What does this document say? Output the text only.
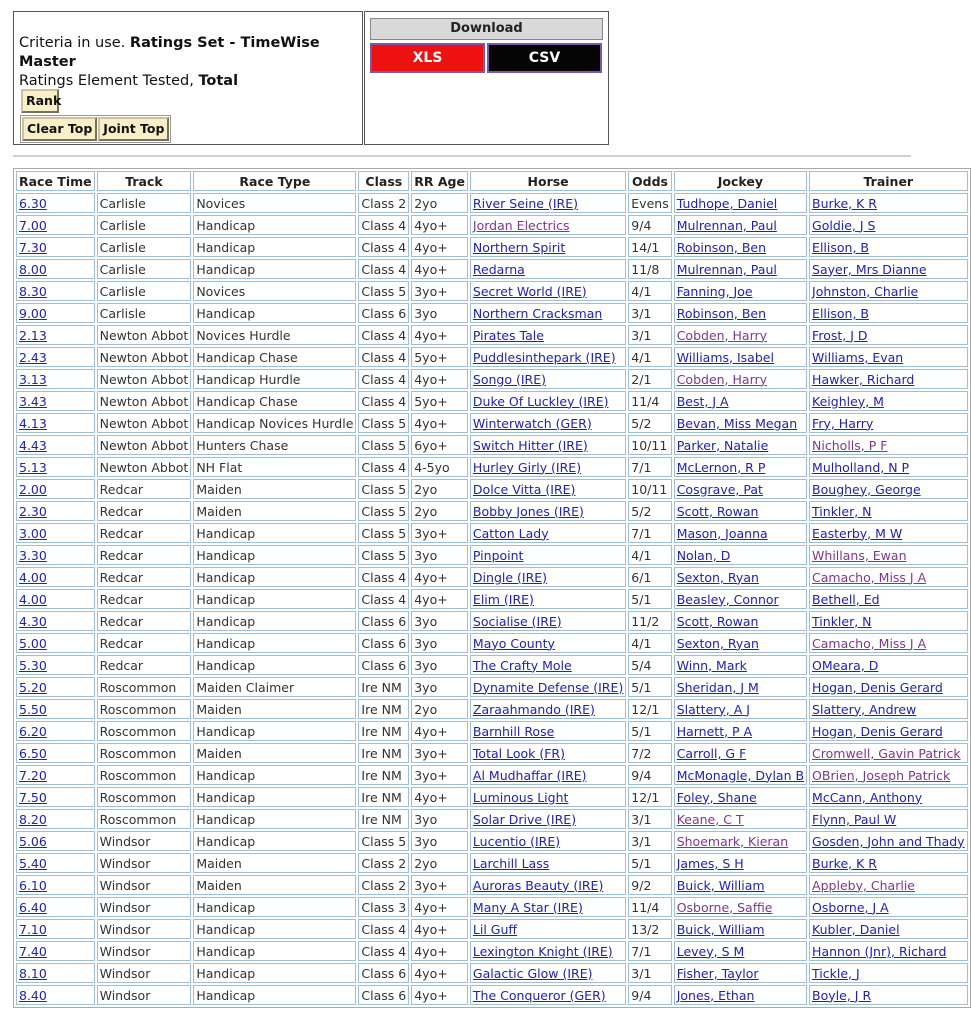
Criteria in use. Ratings Set - TimeWise Master
Ratings Element Tested, Total
Rank
Clear Top Joint Top
Download
XLS	CSV
Race Time	Track	Race Type	Class	RR Age	Horse	Odds	Jockey	Trainer
6.30	Carlisle	Novices	Class 2	2yo	River Seine (IRE)	Evens	Tudhope, Daniel	Burke, K R
7.00	Carlisle	Handicap	Class 4	4yo+	Jordan Electrics	9/4	Mulrennan, Paul	Goldie, J S
7.30	Carlisle	Handicap	Class 4	4yo+	Northern Spirit	14/1	Robinson, Ben	Ellison, B
8.00	Carlisle	Handicap	Class 4	4yo+	Redarna	11/8	Mulrennan, Paul	Sayer, Mrs Dianne
8.30	Carlisle	Novices	Class 5	3yo+	Secret World (IRE)	4/1	Fanning, Joe	Johnston, Charlie
9.00	Carlisle	Handicap	Class 6	3yo	Northern Cracksman	3/1	Robinson, Ben	Ellison, B
2.13	Newton Abbot	Novices Hurdle	Class 4	4yo+	Pirates Tale	3/1	Cobden, Harry	Frost, J D
2.43	Newton Abbot	Handicap Chase	Class 4	5yo+	Puddlesinthepark (IRE)	4/1	Williams, Isabel	Williams, Evan
3.13	Newton Abbot	Handicap Hurdle	Class 4	4yo+	Songo (IRE)	2/1	Cobden, Harry	Hawker, Richard
3.43	Newton Abbot	Handicap Chase	Class 4	5yo+	Duke Of Luckley (IRE)	11/4	Best, J A	Keighley, M
4.13	Newton Abbot	Handicap Novices Hurdle	Class 5	4yo+	Winterwatch (GER)	5/2	Bevan, Miss Megan	Fry, Harry
4.43	Newton Abbot	Hunters Chase	Class 5	6yo+	Switch Hitter (IRE)	10/11	Parker, Natalie	Nicholls, P F
5.13	Newton Abbot	NH Flat	Class 4	4-5yo	Hurley Girly (IRE)	7/1	McLernon, R P	Mulholland, N P
2.00	Redcar	Maiden	Class 5	2yo	Dolce Vitta (IRE)	10/11	Cosgrave, Pat	Boughey, George
2.30	Redcar	Maiden	Class 5	2yo	Bobby Jones (IRE)	5/2	Scott, Rowan	Tinkler, N
3.00	Redcar	Handicap	Class 5	3yo+	Catton Lady	7/1	Mason, Joanna	Easterby, M W
3.30	Redcar	Handicap	Class 5	3yo	Pinpoint	4/1	Nolan, D	Whillans, Ewan
4.00	Redcar	Handicap	Class 4	4yo+	Dingle (IRE)	6/1	Sexton, Ryan	Camacho, Miss J A
4.00	Redcar	Handicap	Class 4	4yo+	Elim (IRE)	5/1	Beasley, Connor	Bethell, Ed
4.30	Redcar	Handicap	Class 6	3yo	Socialise (IRE)	11/2	Scott, Rowan	Tinkler, N
5.00	Redcar	Handicap	Class 6	3yo	Mayo County	4/1	Sexton, Ryan	Camacho, Miss J A
5.30	Redcar	Handicap	Class 6	3yo	The Crafty Mole	5/4	Winn, Mark	OMeara, D
5.20	Roscommon	Maiden Claimer	Ire NM	3yo	Dynamite Defense (IRE)	5/1	Sheridan, J M	Hogan, Denis Gerard
5.50	Roscommon	Maiden	Ire NM	2yo	Zaraahmando (IRE)	12/1	Slattery, A J	Slattery, Andrew
6.20	Roscommon	Handicap	Ire NM	4yo+	Barnhill Rose	5/1	Harnett, P A	Hogan, Denis Gerard
6.50	Roscommon	Maiden	Ire NM	3yo+	Total Look (FR)	7/2	Carroll, G F	Cromwell, Gavin Patrick
7.20	Roscommon	Handicap	Ire NM	3yo+	Al Mudhaffar (IRE)	9/4	McMonagle, Dylan B	OBrien, Joseph Patrick
7.50	Roscommon	Handicap	Ire NM	4yo+	Luminous Light	12/1	Foley, Shane	McCann, Anthony
8.20	Roscommon	Handicap	Ire NM	3yo	Solar Drive (IRE)	3/1	Keane, C T	Flynn, Paul W
5.06	Windsor	Handicap	Class 5	3yo	Lucentio (IRE)	3/1	Shoemark, Kieran	Gosden, John and Thady
5.40	Windsor	Maiden	Class 2	2yo	Larchill Lass	5/1	James, S H	Burke, K R
6.10	Windsor	Maiden	Class 2	3yo+	Auroras Beauty (IRE)	9/2	Buick, William	Appleby, Charlie
6.40	Windsor	Handicap	Class 3	4yo+	Many A Star (IRE)	11/4	Osborne, Saffie	Osborne, J A
7.10	Windsor	Handicap	Class 4	4yo+	Lil Guff	13/2	Buick, William	Kubler, Daniel
7.40	Windsor	Handicap	Class 4	4yo+	Lexington Knight (IRE)	7/1	Levey, S M	Hannon (Jnr), Richard
8.10	Windsor	Handicap	Class 6	4yo+	Galactic Glow (IRE)	3/1	Fisher, Taylor	Tickle, J
8.40	Windsor	Handicap	Class 6	4yo+	The Conqueror (GER)	9/4	Jones, Ethan	Boyle, J R
